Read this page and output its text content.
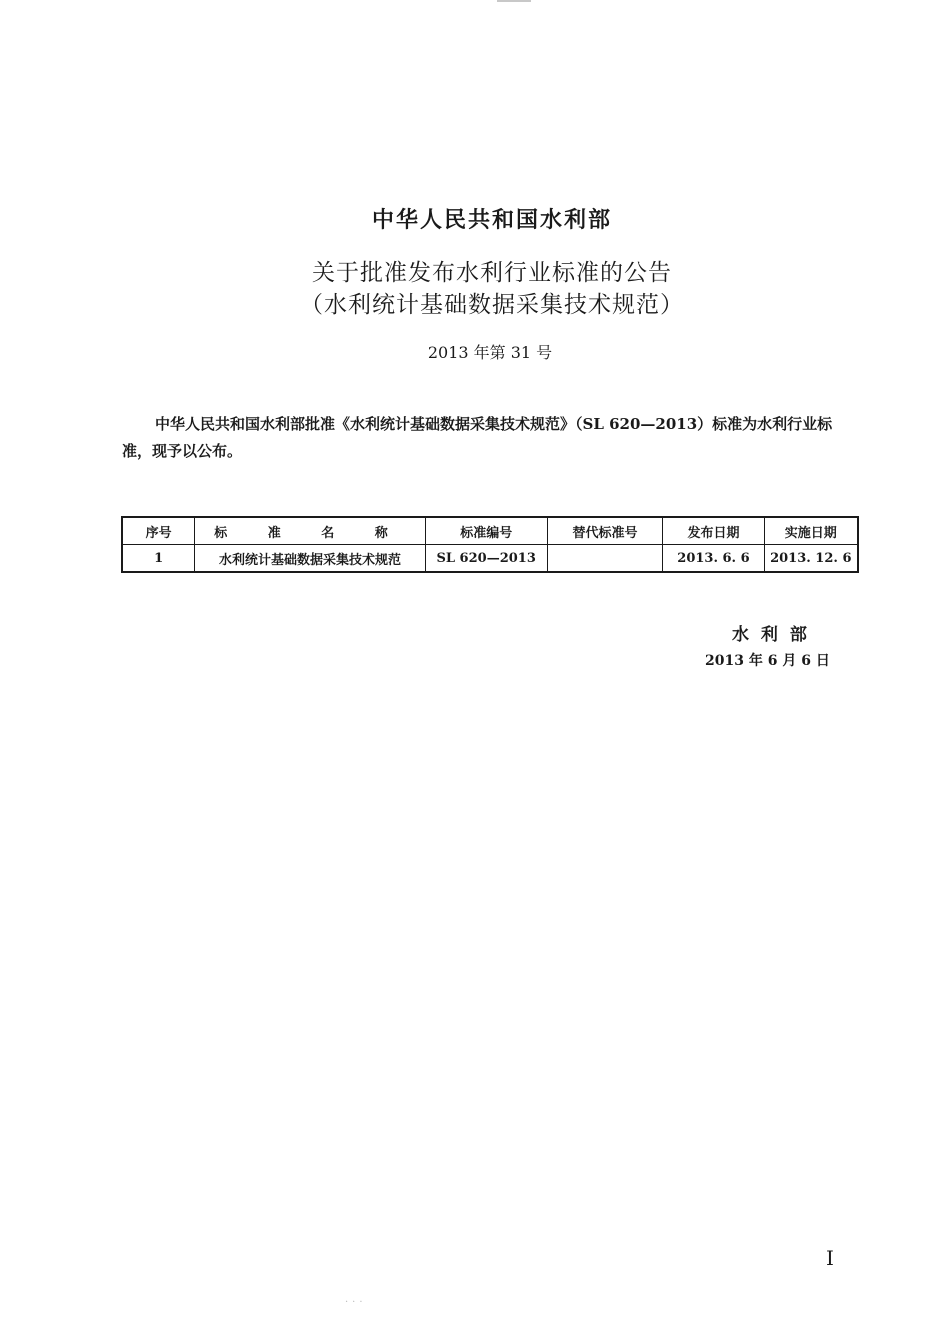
中华人民共和国水利部
关于批准发布水利行业标准的公告
（水利统计基础数据采集技术规范）
2013 年第 31 号
中华人民共和国水利部批准《水利统计基础数据采集技术规范》（SL 620—2013）标准为水利行业标准，现予以公布。
序号	标 准 名 称	标准编号	替代标准号	发布日期	实施日期
1	水利统计基础数据采集技术规范	SL 620—2013		2013. 6. 6	2013. 12. 6
水 利 部
2013 年 6 月 6 日
I
···
